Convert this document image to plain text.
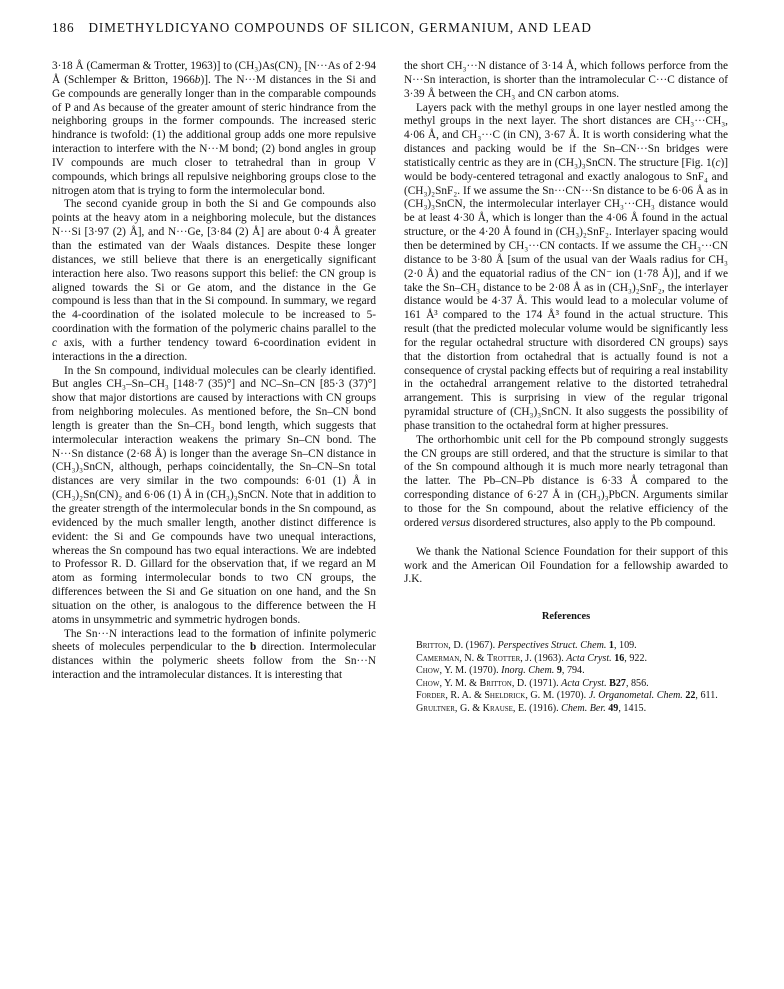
186 DIMETHYLDICYANO COMPOUNDS OF SILICON, GERMANIUM, AND LEAD

3·18 Å (Camerman & Trotter, 1963)] to (CH₃)As(CN)₂ [N···As of 2·94 Å (Schlemper & Britton, 1966b)]. The N···M distances in the Si and Ge compounds are generally longer than in the comparable compounds of P and As because of the greater amount of steric hindrance from the neighboring groups in the former compounds. The increased steric hindrance is twofold: (1) the additional group adds one more repulsive interaction to interfere with the N···M bond; (2) bond angles in group IV compounds are much closer to tetrahedral than in group V compounds, which brings all repulsive neighboring groups close to the nitrogen atom that is trying to form the intermolecular bond.

The second cyanide group in both the Si and Ge compounds also points at the heavy atom in a neighboring molecule, but the distances N···Si [3·97 (2) Å], and N···Ge, [3·84 (2) Å] are about 0·4 Å greater than the estimated van der Waals distances. Despite these longer distances, we still believe that there is an energetically significant interaction here also. Two reasons support this belief: the CN group is aligned towards the Si or Ge atom, and the distance in the Ge compound is less than that in the Si compound. In summary, we regard the 4-coordination of the isolated molecule to be increased to 5-coordination with the formation of the polymeric chains parallel to the c axis, with a further tendency toward 6-coordination evident in interactions in the a direction.

In the Sn compound, individual molecules can be clearly identified. But angles CH₃–Sn–CH₃ [148·7 (35)°] and NC–Sn–CN [85·3 (37)°] show that major distortions are caused by interactions with CN groups from neighboring molecules. As mentioned before, the Sn–CN bond length is greater than the Sn–CH₃ bond length, which suggests that intermolecular interaction weakens the primary Sn–CN bond. The N···Sn distance (2·68 Å) is longer than the average Sn–CN distance in (CH₃)₃SnCN, although, perhaps coincidentally, the Sn–CN–Sn total distances are very similar in the two compounds: 6·01 (1) Å in (CH₃)₂Sn(CN)₂ and 6·06 (1) Å in (CH₃)₃SnCN. Note that in addition to the greater strength of the intermolecular bonds in the Sn compound, as evidenced by the much smaller length, another distinct difference is evident: the Si and Ge compounds have two unequal interactions, whereas the Sn compound has two equal interactions. We are indebted to Professor R. D. Gillard for the observation that, if we regard an M atom as forming intermolecular bonds to two CN groups, the differences between the Si and Ge situation on one hand, and the Sn situation on the other, is analogous to the difference between the H atoms in unsymmetric and symmetric hydrogen bonds.

The Sn···N interactions lead to the formation of infinite polymeric sheets of molecules perpendicular to the b direction. Intermolecular distances within the polymeric sheets follow from the Sn···N interaction and the intramolecular distances. It is interesting that

the short CH₃···N distance of 3·14 Å, which follows perforce from the N···Sn interaction, is shorter than the intramolecular C···C distance of 3·39 Å between the CH₃ and CN carbon atoms.

Layers pack with the methyl groups in one layer nestled among the methyl groups in the next layer. The short distances are CH₃···CH₃, 4·06 Å, and CH₃···C (in CN), 3·67 Å. It is worth considering what the distances and packing would be if the Sn–CN···Sn bridges were statistically centric as they are in (CH₃)₃SnCN. The structure [Fig. 1(c)] would be body-centered tetragonal and exactly analogous to SnF₄ and (CH₃)₂SnF₂. If we assume the Sn···CN···Sn distance to be 6·06 Å as in (CH₃)₃SnCN, the intermolecular interlayer CH₃···CH₃ distance would be at least 4·30 Å, which is longer than the 4·06 Å found in the actual structure, or the 4·20 Å found in (CH₃)₂SnF₂. Interlayer spacing would then be determined by CH₃···CN contacts. If we assume the CH₃···CN distance to be 3·80 Å [sum of the usual van der Waals radius for CH₃ (2·0 Å) and the equatorial radius of the CN⁻ ion (1·78 Å)], and if we take the Sn–CH₃ distance to be 2·08 Å as in (CH₃)₂SnF₂, the interlayer distance would be 4·37 Å. This would lead to a molecular volume of 161 Å³ compared to the 174 Å³ found in the actual structure. This result (that the predicted molecular volume would be significantly less for the regular octahedral structure with disordered CN groups) says that the distortion from octahedral that is actually found is not a consequence of crystal packing effects but of requiring a real instability in the octahedral arrangement relative to the distorted tetrahedral arrangement. This is surprising in view of the regular trigonal pyramidal structure of (CH₃)₃SnCN. It also suggests the possibility of phase transition to the octahedral form at higher pressures.

The orthorhombic unit cell for the Pb compound strongly suggests the CN groups are still ordered, and that the structure is similar to that of the Sn compound although it is much more nearly tetragonal than the latter. The Pb–CN–Pb distance is 6·33 Å compared to the corresponding distance of 6·27 Å in (CH₃)₃PbCN. Arguments similar to those for the Sn compound, about the relative efficiency of the ordered versus disordered structures, also apply to the Pb compound.

We thank the National Science Foundation for their support of this work and the American Oil Foundation for a fellowship awarded to J.K.

References

Britton, D. (1967). Perspectives Struct. Chem. 1, 109.

Camerman, N. & Trotter, J. (1963). Acta Cryst. 16, 922.

Chow, Y. M. (1970). Inorg. Chem. 9, 794.

Chow, Y. M. & Britton, D. (1971). Acta Cryst. B27, 856.

Forder, R. A. & Sheldrick, G. M. (1970). J. Organometal. Chem. 22, 611.

Grultner, G. & Krause, E. (1916). Chem. Ber. 49, 1415.
